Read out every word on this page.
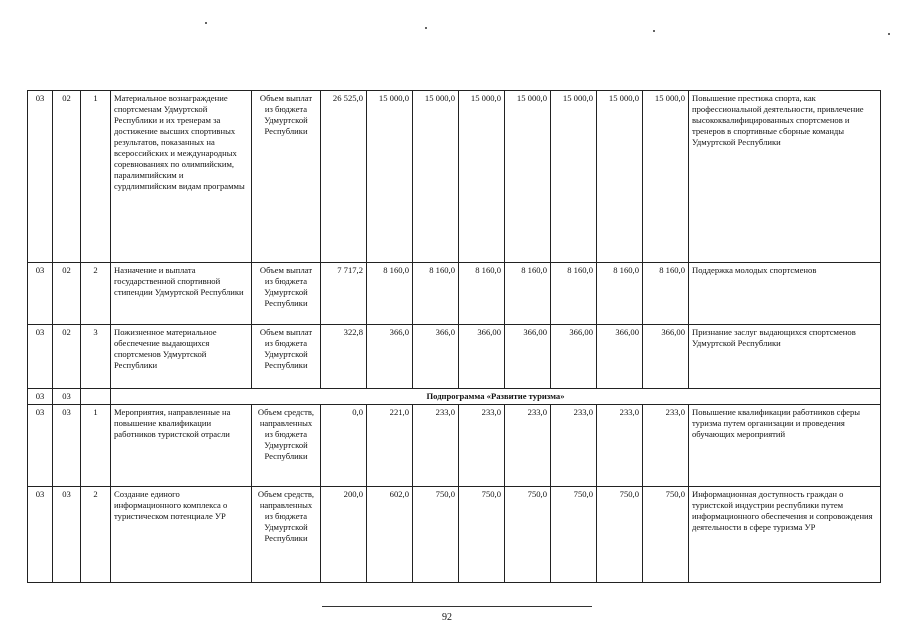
03	02	1	Материальное вознаграждение спортсменам Удмуртской Республики и их тренерам за достижение высших спортивных результатов, показанных на всероссийских и международных соревнованиях по олимпийским, паралимпийским и сурдлимпийским видам программы	Объем выплат из бюджета Удмуртской Республики	26 525,0	15 000,0	15 000,0	15 000,0	15 000,0	15 000,0	15 000,0	15 000,0	Повышение престижа спорта, как профессиональной деятельности, привлечение высококвалифицированных спортсменов и тренеров в спортивные сборные команды Удмуртской Республики
03	02	2	Назначение и выплата государственной спортивной стипендии Удмуртской Республики	Объем выплат из бюджета Удмуртской Республики	7 717,2	8 160,0	8 160,0	8 160,0	8 160,0	8 160,0	8 160,0	8 160,0	Поддержка молодых спортсменов
03	02	3	Пожизненное материальное обеспечение выдающихся спортсменов Удмуртской Республики	Объем выплат из бюджета Удмуртской Республики	322,8	366,0	366,0	366,00	366,00	366,00	366,00	366,00	Признание заслуг выдающихся спортсменов Удмуртской Республики
03	03		Подпрограмма «Развитие туризма»										
03	03	1	Мероприятия, направленные на повышение квалификации работников туристской отрасли	Объем средств, направленных из бюджета Удмуртской Республики	0,0	221,0	233,0	233,0	233,0	233,0	233,0	233,0	Повышение квалификации работников сферы туризма путем организации и проведения обучающих мероприятий
03	03	2	Создание единого информационного комплекса о туристическом потенциале УР	Объем средств, направленных из бюджета Удмуртской Республики	200,0	602,0	750,0	750,0	750,0	750,0	750,0	750,0	Информационная доступность граждан о туристской индустрии республики путем информационного обеспечения и сопровождения деятельности в сфере туризма УР
92
